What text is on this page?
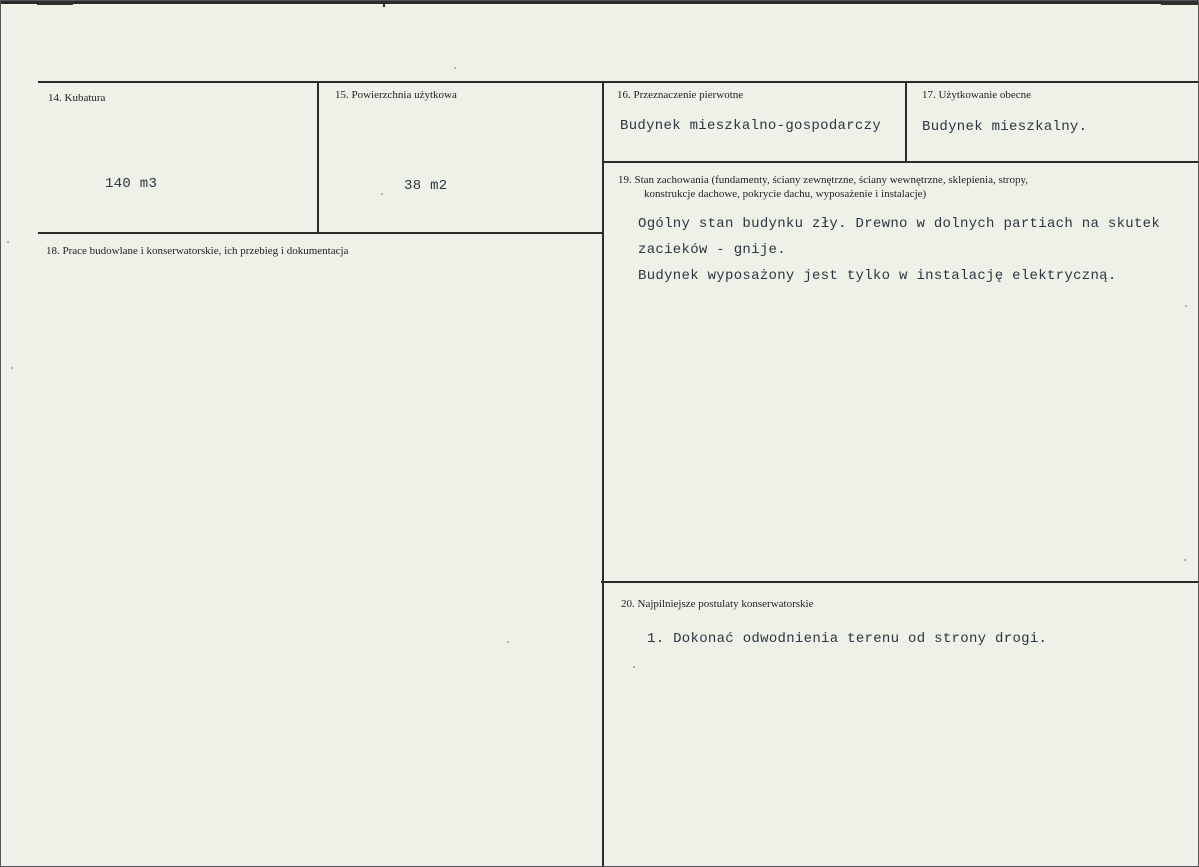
14. Kubatura
140 m3
15. Powierzchnia użytkowa
38 m2
16. Przeznaczenie pierwotne
Budynek mieszkalno-gospodarczy
17. Użytkowanie obecne
Budynek mieszkalny.
18. Prace budowlane i konserwatorskie, ich przebieg i dokumentacja
19. Stan zachowania (fundamenty, ściany zewnętrzne, ściany wewnętrzne, sklepienia, stropy,
konstrukcje dachowe, pokrycie dachu, wyposażenie i instalacje)
Ogólny stan budynku zły. Drewno w dolnych partiach na skutek
zacieków - gnije.
Budynek wyposażony jest tylko w instalację elektryczną.
20. Najpilniejsze postulaty konserwatorskie
1. Dokonać odwodnienia terenu od strony drogi.
